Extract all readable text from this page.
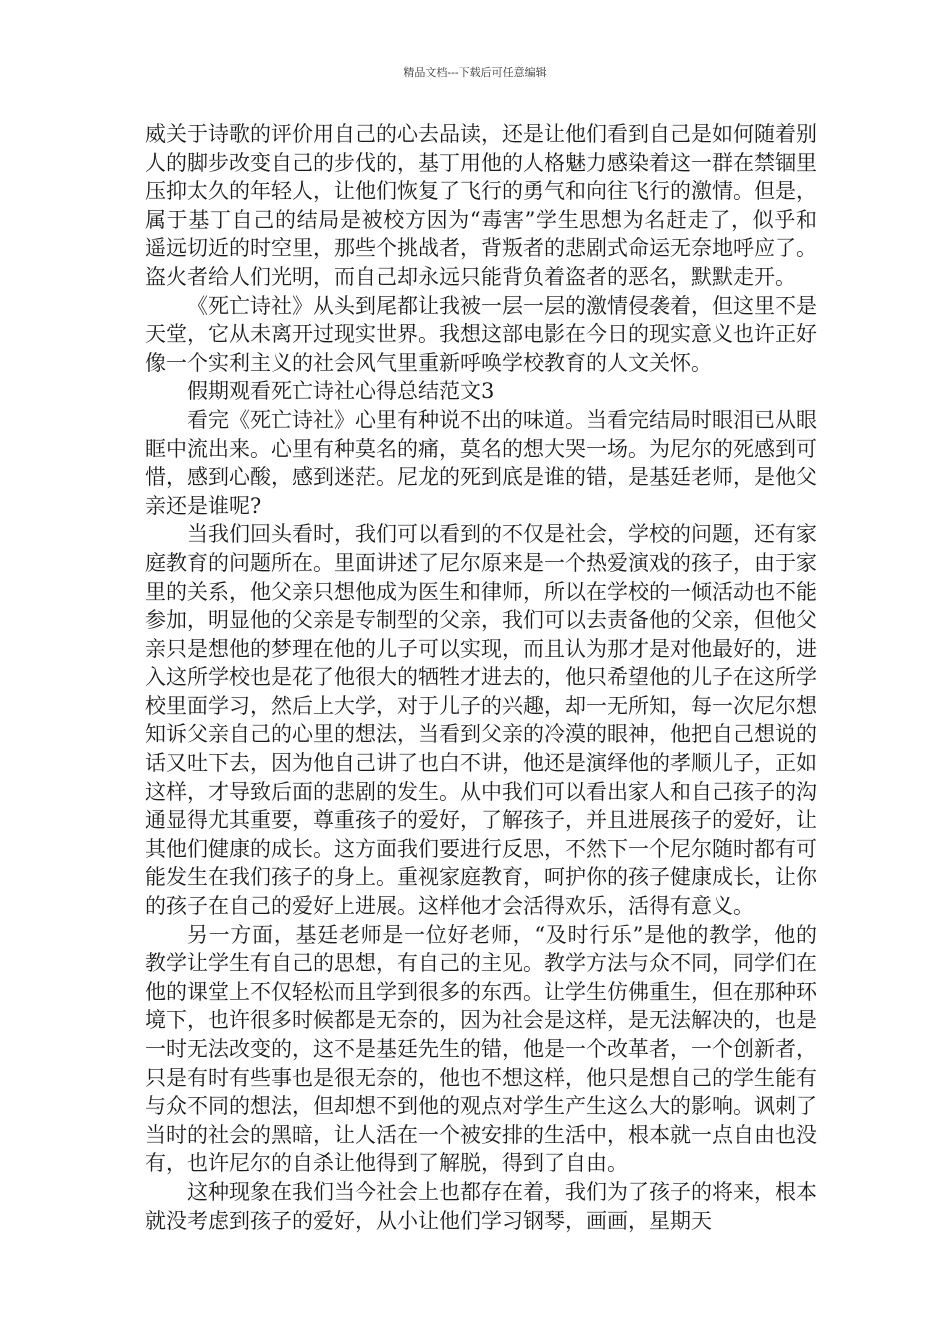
精品文档---下载后可任意编辑

威关于诗歌的评价用自己的心去品读，还是让他们看到自己是如何随着别人的脚步改变自己的步伐的，基丁用他的人格魅力感染着这一群在禁锢里压抑太久的年轻人，让他们恢复了飞行的勇气和向往飞行的激情。但是，属于基丁自己的结局是被校方因为“毒害”学生思想为名赶走了，似乎和遥远切近的时空里，那些个挑战者，背叛者的悲剧式命运无奈地呼应了。盗火者给人们光明，而自己却永远只能背负着盗者的恶名，默默走开。

《死亡诗社》从头到尾都让我被一层一层的激情侵袭着，但这里不是天堂，它从未离开过现实世界。我想这部电影在今日的现实意义也许正好像一个实利主义的社会风气里重新呼唤学校教育的人文关怀。

假期观看死亡诗社心得总结范文3

看完《死亡诗社》心里有种说不出的味道。当看完结局时眼泪已从眼眶中流出来。心里有种莫名的痛，莫名的想大哭一场。为尼尔的死感到可惜，感到心酸，感到迷茫。尼龙的死到底是谁的错，是基廷老师，是他父亲还是谁呢?

当我们回头看时，我们可以看到的不仅是社会，学校的问题，还有家庭教育的问题所在。里面讲述了尼尔原来是一个热爱演戏的孩子，由于家里的关系，他父亲只想他成为医生和律师，所以在学校的一倾活动也不能参加，明显他的父亲是专制型的父亲，我们可以去责备他的父亲，但他父亲只是想他的梦理在他的儿子可以实现，而且认为那才是对他最好的，进入这所学校也是花了他很大的牺牲才进去的，他只希望他的儿子在这所学校里面学习，然后上大学，对于儿子的兴趣，却一无所知，每一次尼尔想知诉父亲自己的心里的想法，当看到父亲的冷漠的眼神，他把自己想说的话又吐下去，因为他自己讲了也白不讲，他还是演绎他的孝顺儿子，正如这样，才导致后面的悲剧的发生。从中我们可以看出家人和自己孩子的沟通显得尤其重要，尊重孩子的爱好，了解孩子，并且进展孩子的爱好，让其他们健康的成长。这方面我们要进行反思，不然下一个尼尔随时都有可能发生在我们孩子的身上。重视家庭教育，呵护你的孩子健康成长，让你的孩子在自己的爱好上进展。这样他才会活得欢乐，活得有意义。

另一方面，基廷老师是一位好老师，“及时行乐”是他的教学，他的教学让学生有自己的思想，有自己的主见。教学方法与众不同，同学们在他的课堂上不仅轻松而且学到很多的东西。让学生仿佛重生，但在那种环境下，也许很多时候都是无奈的，因为社会是这样，是无法解决的，也是一时无法改变的，这不是基廷先生的错，他是一个改革者，一个创新者，只是有时有些事也是很无奈的，他也不想这样，他只是想自己的学生能有与众不同的想法，但却想不到他的观点对学生产生这么大的影响。讽刺了当时的社会的黑暗，让人活在一个被安排的生活中，根本就一点自由也没有，也许尼尔的自杀让他得到了解脱，得到了自由。

这种现象在我们当今社会上也都存在着，我们为了孩子的将来，根本就没考虑到孩子的爱好，从小让他们学习钢琴，画画，星期天
